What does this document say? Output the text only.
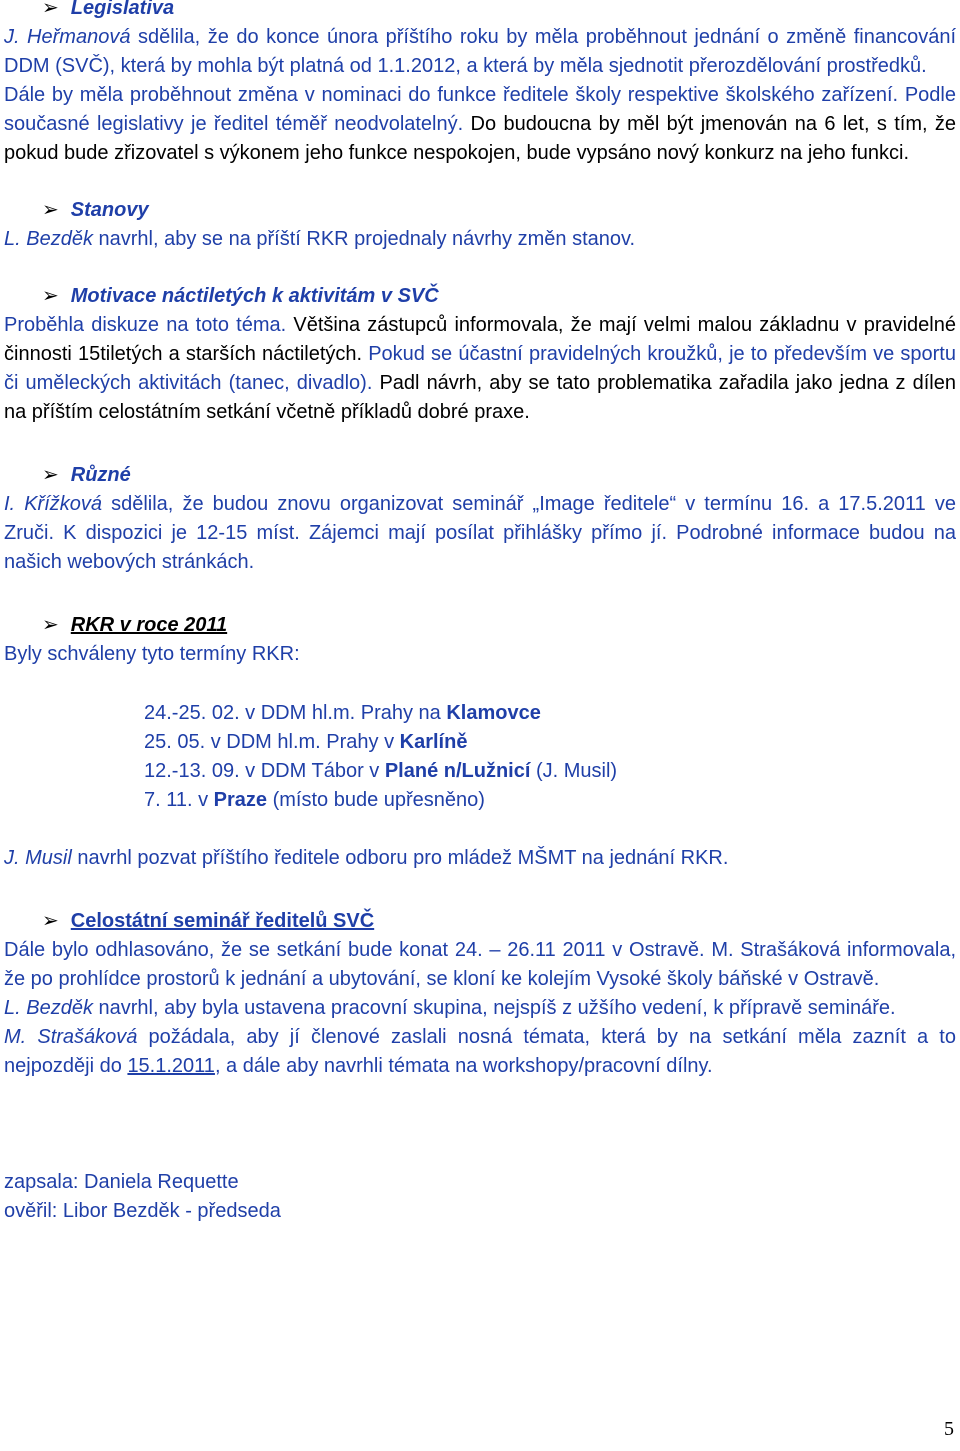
➢ Legislativa

J. Heřmanová sdělila, že do konce února příštího roku by měla proběhnout jednání o změně financování DDM (SVČ), která by mohla být platná od 1.1.2012, a která by měla sjednotit přerozdělování prostředků.

Dále by měla proběhnout změna v nominaci do funkce ředitele školy respektive školského zařízení. Podle současné legislativy je ředitel téměř neodvolatelný. Do budoucna by měl být jmenován na 6 let, s tím, že pokud bude zřizovatel s výkonem jeho funkce nespokojen, bude vypsáno nový konkurz na jeho funkci.

➢ Stanovy

L. Bezděk navrhl, aby se na příští RKR projednaly návrhy změn stanov.

➢ Motivace náctiletých k aktivitám v SVČ

Proběhla diskuze na toto téma. Většina zástupců informovala, že mají velmi malou základnu v pravidelné činnosti 15tiletých a starších náctiletých. Pokud se účastní pravidelných kroužků, je to především ve sportu či uměleckých aktivitách (tanec, divadlo). Padl návrh, aby se tato problematika zařadila jako jedna z dílen na příštím celostátním setkání včetně příkladů dobré praxe.

➢ Různé

I. Křížková sdělila, že budou znovu organizovat seminář „Image ředitele“ v termínu 16. a 17.5.2011 ve Zruči. K dispozici je 12-15 míst. Zájemci mají posílat přihlášky přímo jí. Podrobné informace budou na našich webových stránkách.

➢ RKR v roce 2011

Byly schváleny tyto termíny RKR:

24.-25. 02. v DDM hl.m. Prahy na Klamovce
25. 05. v DDM hl.m. Prahy v Karlíně
12.-13. 09. v DDM Tábor v Plané n/Lužnicí (J. Musil)
7. 11. v Praze (místo bude upřesněno)

J. Musil navrhl pozvat příštího ředitele odboru pro mládež MŠMT na jednání RKR.

➢ Celostátní seminář ředitelů SVČ

Dále bylo odhlasováno, že se setkání bude konat 24. – 26.11 2011 v Ostravě. M. Strašáková informovala, že po prohlídce prostorů k jednání a ubytování, se kloní ke kolejím Vysoké školy báňské v Ostravě.

L. Bezděk navrhl, aby byla ustavena pracovní skupina, nejspíš z užšího vedení, k přípravě semináře.

M. Strašáková požádala, aby jí členové zaslali nosná témata, která by na setkání měla zaznít a to nejpozději do 15.1.2011, a dále aby navrhli témata na workshopy/pracovní dílny.

zapsala: Daniela Requette

ověřil: Libor Bezděk - předseda

5
